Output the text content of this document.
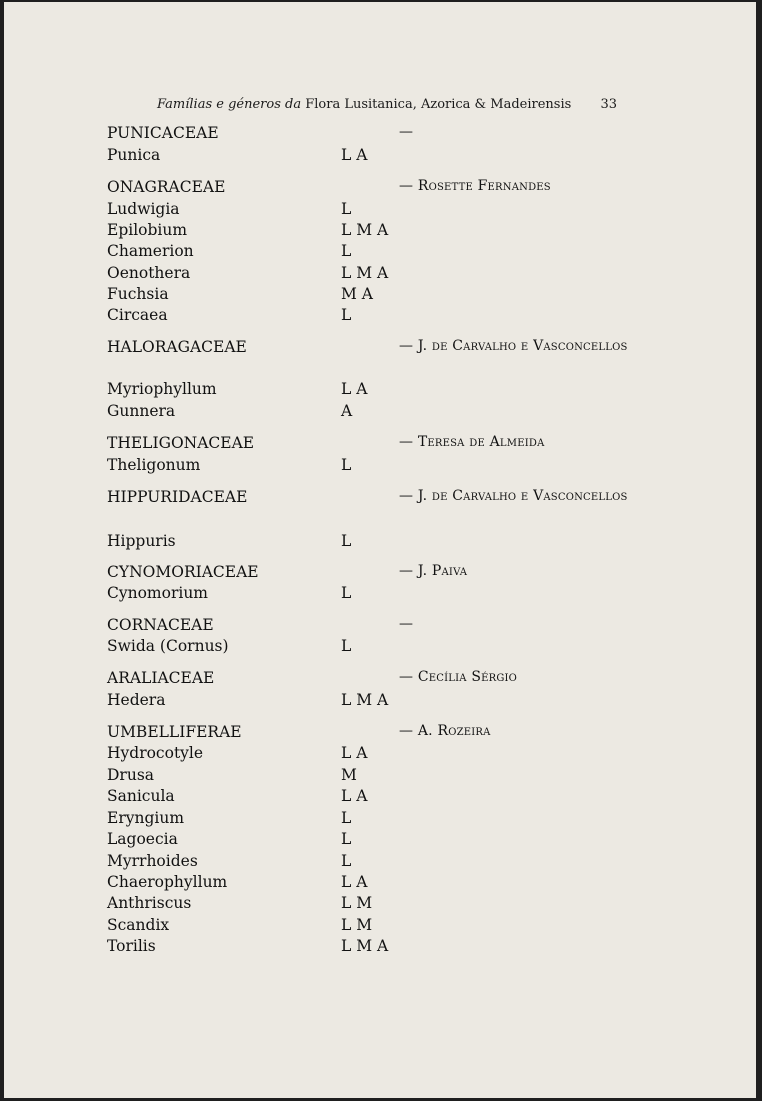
Famílias e géneros da Flora Lusitanica, Azorica & Madeirensis 33
PUNICACEAE	—
Punica	L A
ONAGRACEAE	— Rosette Fernandes
Ludwigia	L
Epilobium	L M A
Chamerion	L
Oenothera	L M A
Fuchsia	M A
Circaea	L
HALORAGACEAE	— J. de Carvalho e Vasconcellos
Myriophyllum	L A
Gunnera	A
THELIGONACEAE	— Teresa de Almeida
Theligonum	L
HIPPURIDACEAE	— J. de Carvalho e Vasconcellos
Hippuris	L
CYNOMORIACEAE	— J. Paiva
Cynomorium	L
CORNACEAE	—
Swida (Cornus)	L
ARALIACEAE	— Cecília Sérgio
Hedera	L M A
UMBELLIFERAE	— A. Rozeira
Hydrocotyle	L A
Drusa	M
Sanicula	L A
Eryngium	L
Lagoecia	L
Myrrhoides	L
Chaerophyllum	L A
Anthriscus	L M
Scandix	L M
Torilis	L M A
